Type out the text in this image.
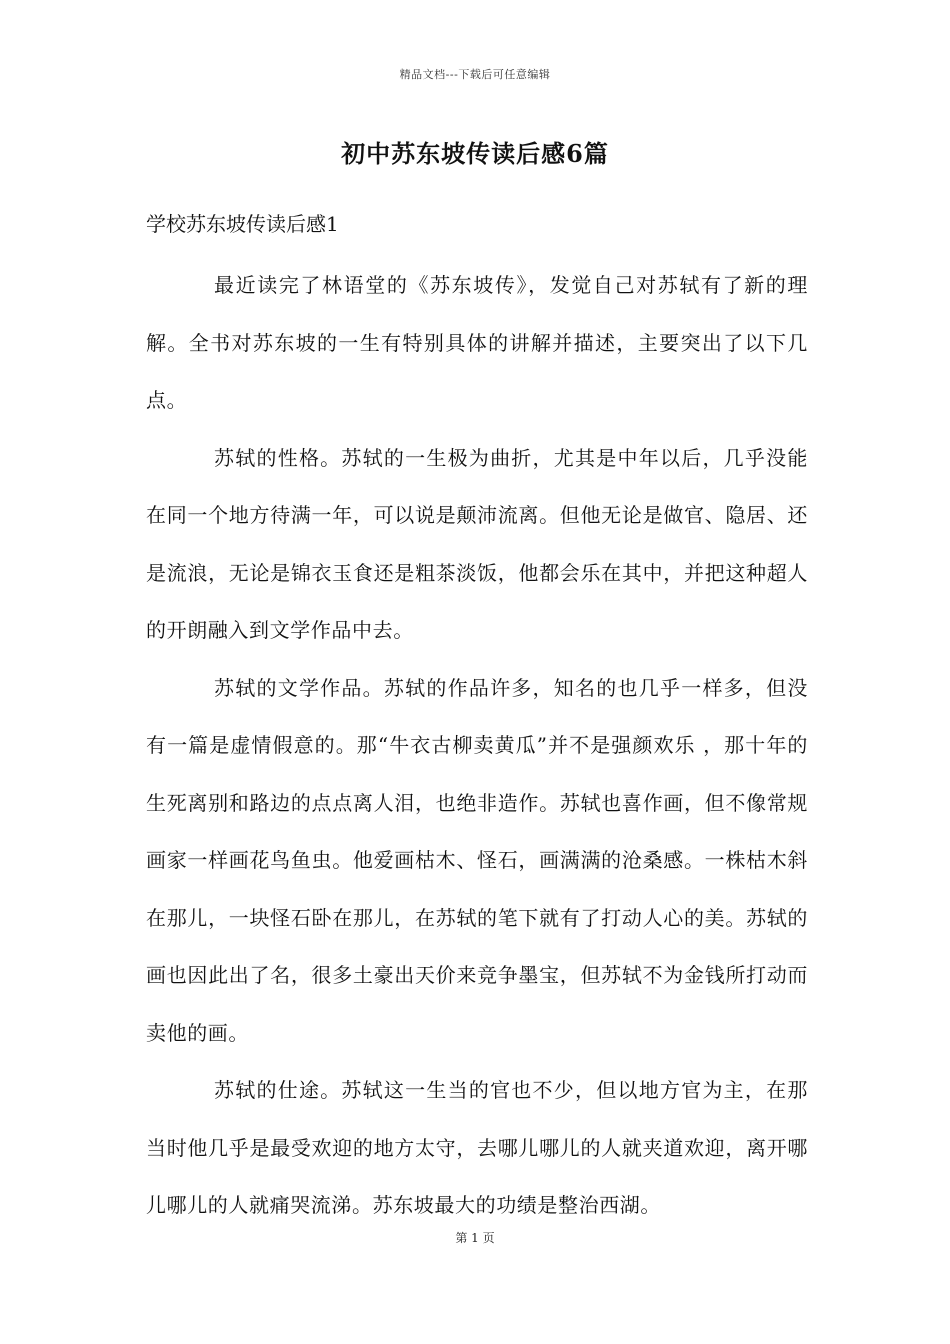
精品文档---下载后可任意编辑
初中苏东坡传读后感6篇
学校苏东坡传读后感1

最近读完了林语堂的《苏东坡传》，发觉自己对苏轼有了新的理解。全书对苏东坡的一生有特别具体的讲解并描述，主要突出了以下几点。

苏轼的性格。苏轼的一生极为曲折，尤其是中年以后，几乎没能在同一个地方待满一年，可以说是颠沛流离。但他无论是做官、隐居、还是流浪，无论是锦衣玉食还是粗茶淡饭，他都会乐在其中，并把这种超人的开朗融入到文学作品中去。

苏轼的文学作品。苏轼的作品许多，知名的也几乎一样多，但没有一篇是虚情假意的。那“牛衣古柳卖黄瓜”并不是强颜欢乐 ，那十年的生死离别和路边的点点离人泪，也绝非造作。苏轼也喜作画，但不像常规画家一样画花鸟鱼虫。他爱画枯木、怪石，画满满的沧桑感。一株枯木斜在那儿，一块怪石卧在那儿，在苏轼的笔下就有了打动人心的美。苏轼的画也因此出了名，很多土豪出天价来竞争墨宝，但苏轼不为金钱所打动而卖他的画。

苏轼的仕途。苏轼这一生当的官也不少，但以地方官为主，在那当时他几乎是最受欢迎的地方太守，去哪儿哪儿的人就夹道欢迎，离开哪儿哪儿的人就痛哭流涕。苏东坡最大的功绩是整治西湖。

第 1 页
